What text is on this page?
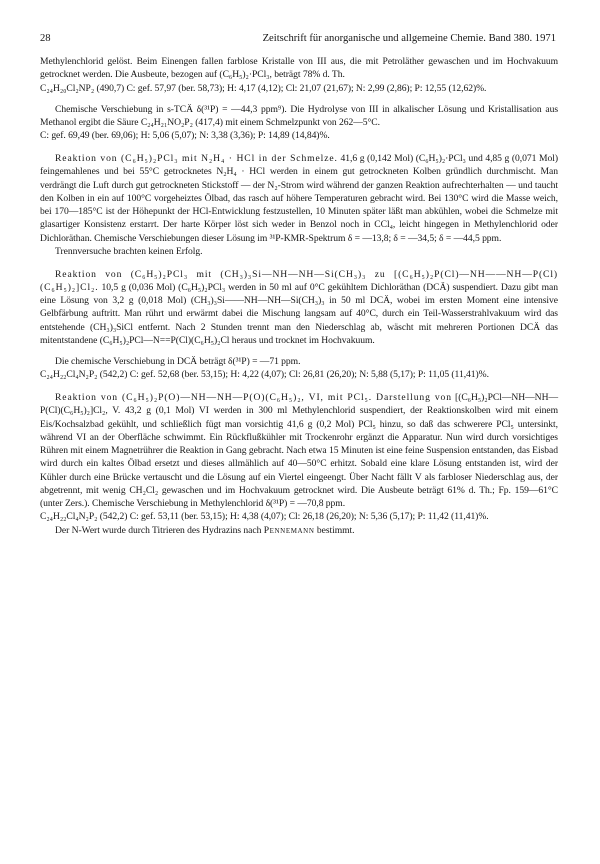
28	Zeitschrift für anorganische und allgemeine Chemie. Band 380. 1971

Methylenchlorid gelöst. Beim Einengen fallen farblose Kristalle von III aus, die mit Petroläther gewaschen und im Hochvakuum getrocknet werden. Die Ausbeute, bezogen auf (C₆H₅)₂·PCl₃, beträgt 78% d. Th.

C₂₄H₂₀Cl₂NP₂ (490,7) C: gef. 57,97 (ber. 58,73); H: 4,17 (4,12); Cl: 21,07 (21,67); N: 2,99 (2,86); P: 12,55 (12,62)%.

Chemische Verschiebung in s-TCÄ δ(³¹P) = —44,3 ppm⁹). Die Hydrolyse von III in alkalischer Lösung und Kristallisation aus Methanol ergibt die Säure C₂₄H₂₁NO₂P₂ (417,4) mit einem Schmelzpunkt von 262—5°C.

C: gef. 69,49 (ber. 69,06); H: 5,06 (5,07); N: 3,38 (3,36); P: 14,89 (14,84)%.

Reaktion von (C₆H₅)₂PCl₃ mit N₂H₄ · HCl in der Schmelze. 41,6 g (0,142 Mol) (C₆H₅)₂·PCl₃ und 4,85 g (0,071 Mol) feingemahlenes und bei 55°C getrocknetes N₂H₄ · HCl werden in einem gut getrockneten Kolben gründlich durchmischt. Man verdrängt die Luft durch gut getrockneten Stickstoff — der N₂-Strom wird während der ganzen Reaktion aufrechterhalten — und taucht den Kolben in ein auf 100°C vorgeheiztes Ölbad, das rasch auf höhere Temperaturen gebracht wird. Bei 130°C wird die Masse weich, bei 170—185°C ist der Höhepunkt der HCl-Entwicklung festzustellen, 10 Minuten später läßt man abkühlen, wobei die Schmelze mit glasartiger Konsistenz erstarrt. Der harte Körper löst sich weder in Benzol noch in CCl₄, leicht hingegen in Methylenchlorid oder Dichloräthan. Chemische Verschiebungen dieser Lösung im ³¹P-KMR-Spektrum δ = —13,8; δ = —34,5; δ = —44,5 ppm.

Trennversuche brachten keinen Erfolg.

Reaktion von (C₆H₅)₂PCl₃ mit (CH₃)₃Si—NH—NH—Si(CH₃)₃ zu [(C₆H₅)₂P(Cl)—NH——NH—P(Cl)(C₆H₅)₂]Cl₂. 10,5 g (0,036 Mol) (C₆H₅)₂PCl₃ werden in 50 ml auf 0°C gekühltem Dichloräthan (DCÄ) suspendiert. Dazu gibt man eine Lösung von 3,2 g (0,018 Mol) (CH₃)₃Si——NH—NH—Si(CH₃)₃ in 50 ml DCÄ, wobei im ersten Moment eine intensive Gelbfärbung auftritt. Man rührt und erwärmt dabei die Mischung langsam auf 40°C, durch ein Teil-Wasserstrahlvakuum wird das entstehende (CH₃)₃SiCl entfernt. Nach 2 Stunden trennt man den Niederschlag ab, wäscht mit mehreren Portionen DCÄ das mitentstandene (C₆H₅)₂PCl—N==P(Cl)(C₆H₅)₂Cl heraus und trocknet im Hochvakuum.

Die chemische Verschiebung in DCÄ beträgt δ(³¹P) = —71 ppm.

C₂₄H₂₂Cl₄N₂P₂ (542,2) C: gef. 52,68 (ber. 53,15); H: 4,22 (4,07); Cl: 26,81 (26,20); N: 5,88 (5,17); P: 11,05 (11,41)%.

Reaktion von (C₆H₅)₂P(O)—NH—NH—P(O)(C₆H₅)₂, VI, mit PCl₅. Darstellung von [(C₆H₅)₂PCl—NH—NH—P(Cl)(C₆H₅)₂]Cl₂, V. 43,2 g (0,1 Mol) VI werden in 300 ml Methylenchlorid suspendiert, der Reaktionskolben wird mit einem Eis/Kochsalzbad gekühlt, und schließlich fügt man vorsichtig 41,6 g (0,2 Mol) PCl₅ hinzu, so daß das schwerere PCl₅ untersinkt, während VI an der Oberfläche schwimmt. Ein Rückflußkühler mit Trockenrohr ergänzt die Apparatur. Nun wird durch vorsichtiges Rühren mit einem Magnetrührer die Reaktion in Gang gebracht. Nach etwa 15 Minuten ist eine feine Suspension entstanden, das Eisbad wird durch ein kaltes Ölbad ersetzt und dieses allmählich auf 40—50°C erhitzt. Sobald eine klare Lösung entstanden ist, wird der Kühler durch eine Brücke vertauscht und die Lösung auf ein Viertel eingeengt. Über Nacht fällt V als farbloser Niederschlag aus, der abgetrennt, mit wenig CH₂Cl₂ gewaschen und im Hochvakuum getrocknet wird. Die Ausbeute beträgt 61% d. Th.; Fp. 159—61°C (unter Zers.). Chemische Verschiebung in Methylenchlorid δ(³¹P) = —70,8 ppm.

C₂₄H₂₂Cl₄N₂P₂ (542,2) C: gef. 53,11 (ber. 53,15); H: 4,38 (4,07); Cl: 26,18 (26,20); N: 5,36 (5,17); P: 11,42 (11,41)%.

Der N-Wert wurde durch Titrieren des Hydrazins nach Pennemann bestimmt.
